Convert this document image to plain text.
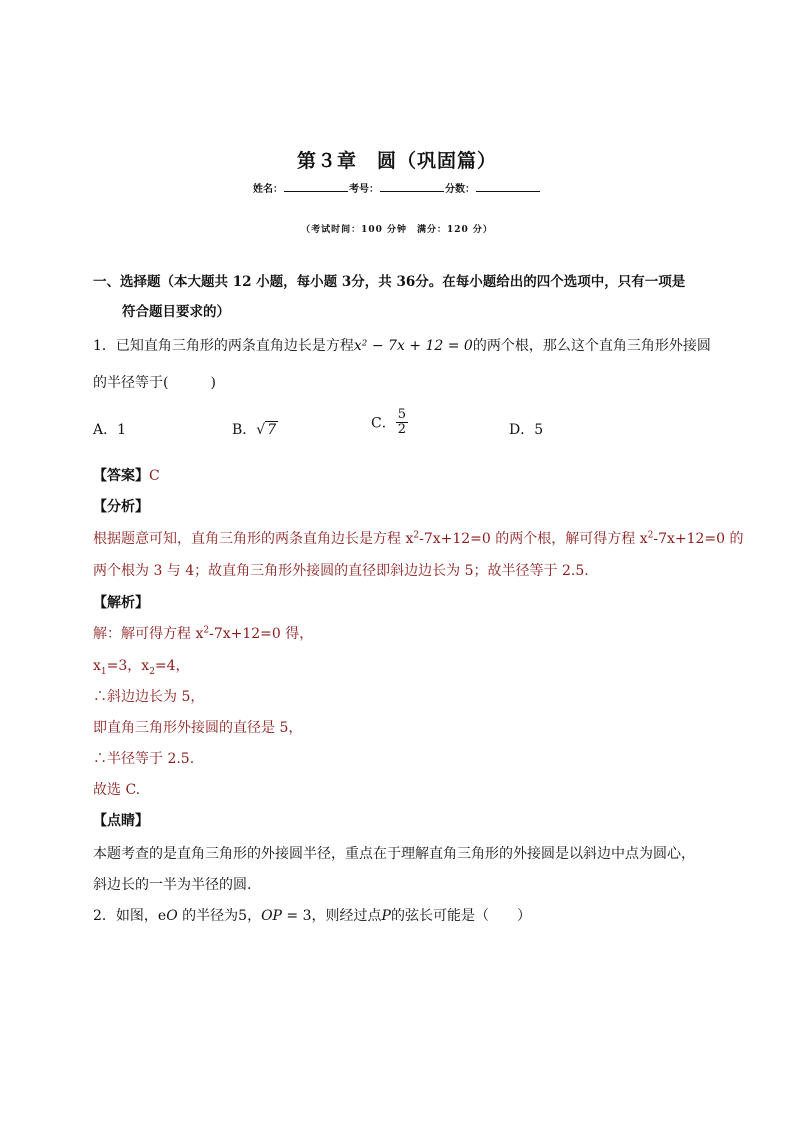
第３章　圆（巩固篇）
姓名：	考号：	分数：
（考试时间：100 分钟　满分：120 分）
一、选择题（本大题共 12 小题，每小题 3分，共 36分。在每小题给出的四个选项中，只有一项是
符合题目要求的）
1．已知直角三角形的两条直角边长是方程x² − 7x + 12 = 0的两个根，那么这个直角三角形外接圆
的半径等于(　　　)
A．1	B．√ 7	C． $\frac{5}{2}$	D．5
【答案】C
【分析】
根据题意可知，直角三角形的两条直角边长是方程 $x^2-7x+12=0$ 的两个根，解可得方程 $x^2-7x+12=0$ 的
两个根为 3 与 4；故直角三角形外接圆的直径即斜边边长为 5；故半径等于 2.5.
【解析】
解：解可得方程 $x^2-7x+12=0$ 得，
$x_1=3$，$x_2=4$，
∴斜边边长为 5，
即直角三角形外接圆的直径是 5，
∴半径等于 2.5.
故选 C.
【点睛】
本题考查的是直角三角形的外接圆半径，重点在于理解直角三角形的外接圆是以斜边中点为圆心，
斜边长的一半为半径的圆.
2．如图，eO 的半径为5，OP = 3，则经过点P的弦长可能是（　　）
